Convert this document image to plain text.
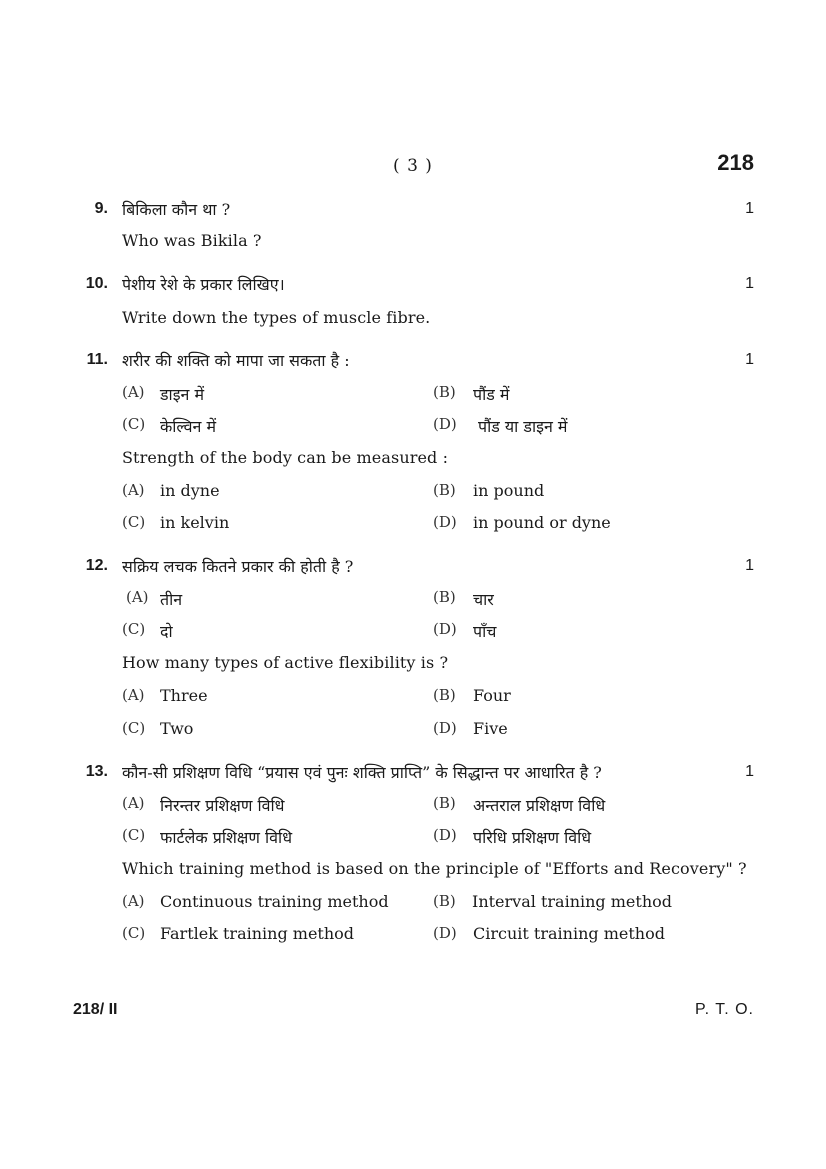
( 3 )	218
9. बिकिला कौन था ?	1
Who was Bikila ?
10. पेशीय रेशे के प्रकार लिखिए।	1
Write down the types of muscle fibre.
11. शरीर की शक्ति को मापा जा सकता है :	1
(A) डाइन में	(B) पौंड में
(C) केल्विन में	(D) पौंड या डाइन में
Strength of the body can be measured :
(A) in dyne	(B) in pound
(C) in kelvin	(D) in pound or dyne
12. सक्रिय लचक कितने प्रकार की होती है ?	1
(A) तीन	(B) चार
(C) दो	(D) पाँच
How many types of active flexibility is ?
(A) Three	(B) Four
(C) Two	(D) Five
13. कौन-सी प्रशिक्षण विधि “प्रयास एवं पुनः शक्ति प्राप्ति” के सिद्धान्त पर आधारित है ?	1
(A) निरन्तर प्रशिक्षण विधि	(B) अन्तराल प्रशिक्षण विधि
(C) फार्टलेक प्रशिक्षण विधि	(D) परिधि प्रशिक्षण विधि
Which training method is based on the principle of "Efforts and Recovery" ?
(A) Continuous training method	(B) Interval training method
(C) Fartlek training method	(D) Circuit training method
218/ II	P. T. O.
